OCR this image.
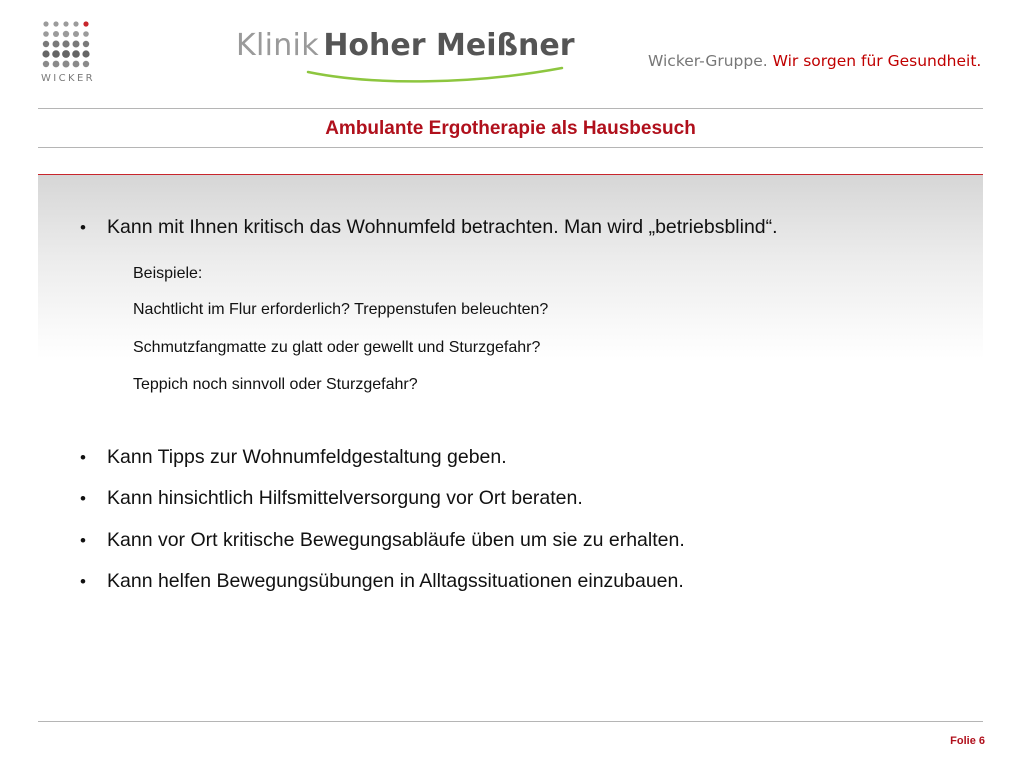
WICKER
Klinik Hoher Meißner	Wicker-Gruppe. Wir sorgen für Gesundheit.
Ambulante Ergotherapie als Hausbesuch
• Kann mit Ihnen kritisch das Wohnumfeld betrachten. Man wird „betriebsblind“.
Beispiele:
Nachtlicht im Flur erforderlich? Treppenstufen beleuchten?
Schmutzfangmatte zu glatt oder gewellt und Sturzgefahr?
Teppich noch sinnvoll oder Sturzgefahr?
• Kann Tipps zur Wohnumfeldgestaltung geben.
• Kann hinsichtlich Hilfsmittelversorgung vor Ort beraten.
• Kann vor Ort kritische Bewegungsabläufe üben um sie zu erhalten.
• Kann helfen Bewegungsübungen in Alltagssituationen einzubauen.
Folie 6
